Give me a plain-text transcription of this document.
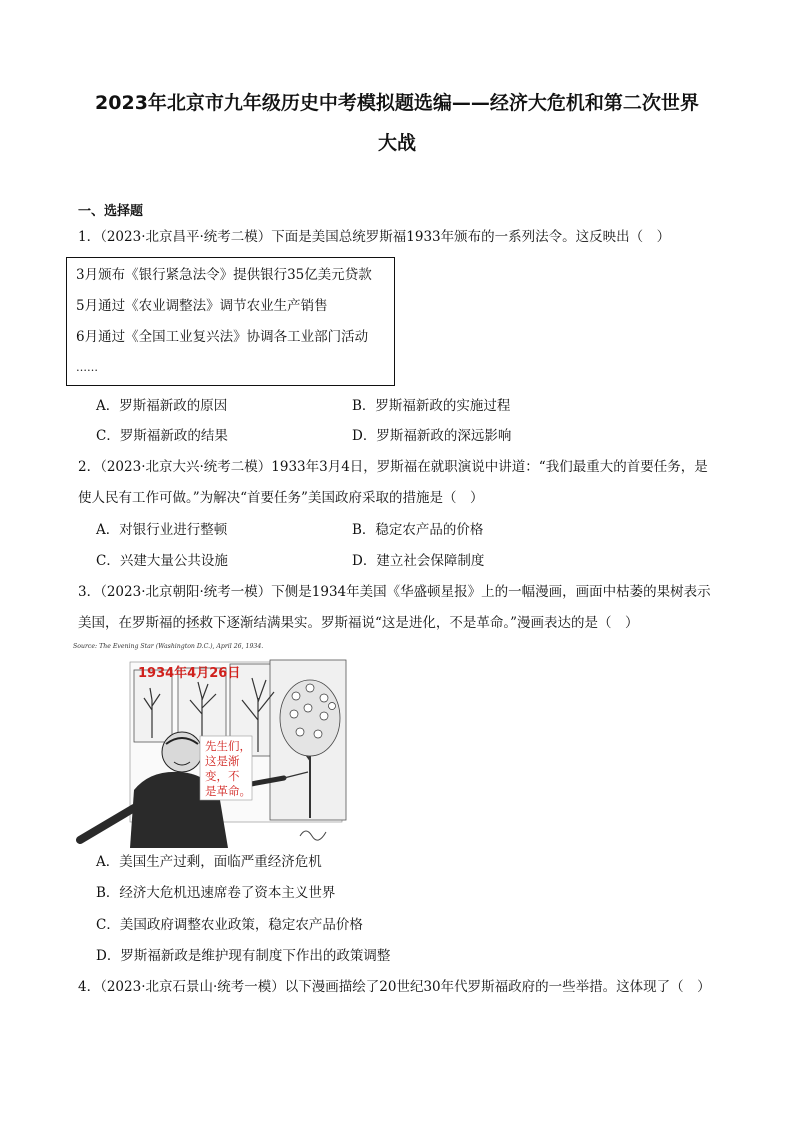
2023年北京市九年级历史中考模拟题选编——经济大危机和第二次世界
大战
一、选择题
1．（2023·北京昌平·统考二模）下面是美国总统罗斯福1933年颁布的一系列法令。这反映出（　）
3月颁布《银行紧急法令》提供银行35亿美元贷款
5月通过《农业调整法》调节农业生产销售
6月通过《全国工业复兴法》协调各工业部门活动
……
A．罗斯福新政的原因	B．罗斯福新政的实施过程
C．罗斯福新政的结果	D．罗斯福新政的深远影响
2．（2023·北京大兴·统考二模）1933年3月4日，罗斯福在就职演说中讲道：“我们最重大的首要任务，是
使人民有工作可做。”为解决“首要任务”美国政府采取的措施是（　）
A．对银行业进行整顿	B．稳定农产品的价格
C．兴建大量公共设施	D．建立社会保障制度
3．（2023·北京朝阳·统考一模）下侧是1934年美国《华盛顿星报》上的一幅漫画，画面中枯萎的果树表示
美国，在罗斯福的拯救下逐渐结满果实。罗斯福说“这是进化，不是革命。”漫画表达的是（　）
Source: The Evening Star (Washington D.C.), April 26, 1934.
1934年4月26日
先生们，
这是渐
变，不
是革命。
A．美国生产过剩，面临严重经济危机
B．经济大危机迅速席卷了资本主义世界
C．美国政府调整农业政策，稳定农产品价格
D．罗斯福新政是维护现有制度下作出的政策调整
4．（2023·北京石景山·统考一模）以下漫画描绘了20世纪30年代罗斯福政府的一些举措。这体现了（　）
